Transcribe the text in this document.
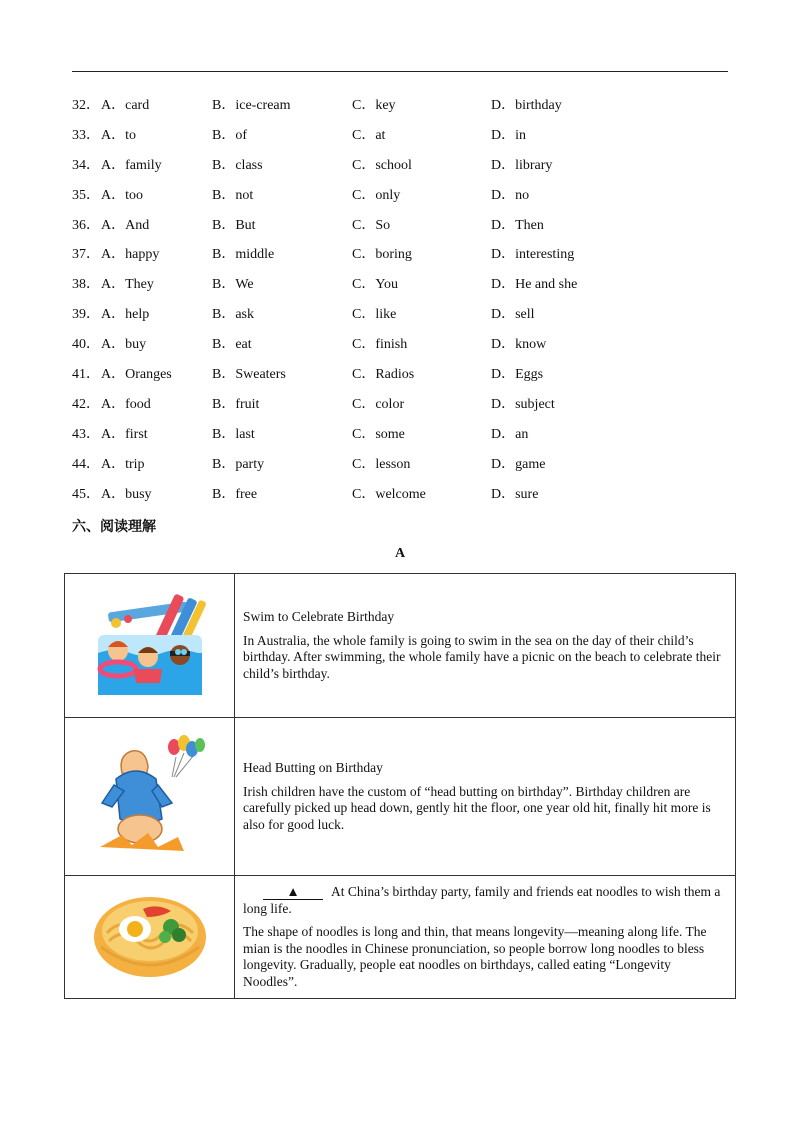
32． A．card	B．ice-cream	C．key	D．birthday
33． A．to	B．of	C．at	D．in
34． A．family	B．class	C．school	D．library
35． A．too	B．not	C．only	D．no
36． A．And	B．But	C．So	D．Then
37． A．happy	B．middle	C．boring	D．interesting
38． A．They	B．We	C．You	D．He and she
39． A．help	B．ask	C．like	D．sell
40． A．buy	B．eat	C．finish	D．know
41． A．Oranges	B．Sweaters	C．Radios	D．Eggs
42． A．food	B．fruit	C．color	D．subject
43． A．first	B．last	C．some	D．an
44． A．trip	B．party	C．lesson	D．game
45． A．busy	B．free	C．welcome	D．sure
六、阅读理解
A

Swim to Celebrate Birthday

In Australia, the whole family is going to swim in the sea on the day of their child’s birthday. After swimming, the whole family have a picnic on the beach to celebrate their child’s birthday.

Head Butting on Birthday

Irish children have the custom of “head butting on birthday”. Birthday children are carefully picked up head down, gently hit the floor, one year old hit, finally hit more is also for good luck.

▲ At China’s birthday party, family and friends eat noodles to wish them a long life.

The shape of noodles is long and thin, that means longevity—meaning along life. The mian is the noodles in Chinese pronunciation, so people borrow long noodles to bless longevity. Gradually, people eat noodles on birthdays, called eating “Longevity Noodles”.
